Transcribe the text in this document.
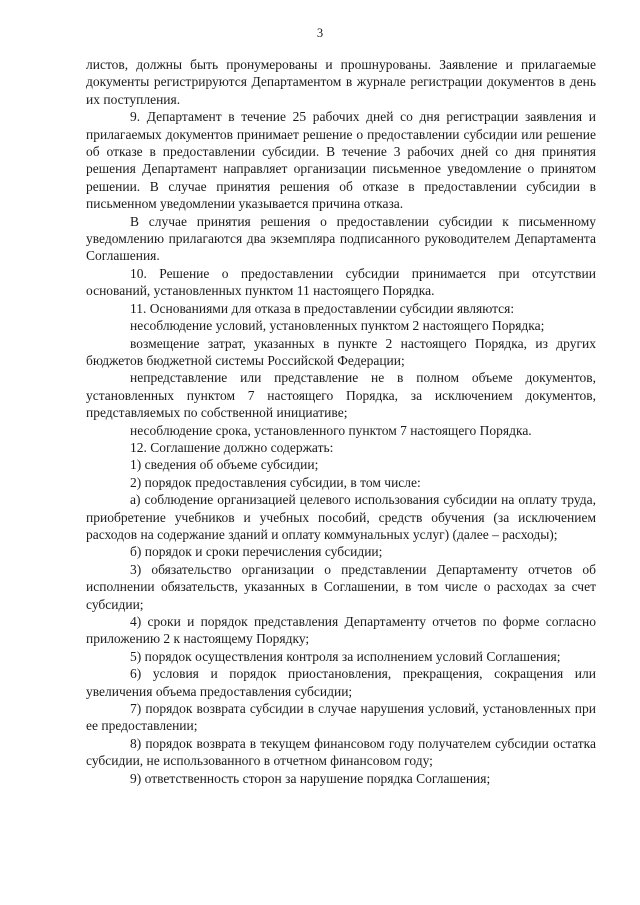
3

листов, должны быть пронумерованы и прошнурованы. Заявление и прилагаемые документы регистрируются Департаментом в журнале регистрации документов в день их поступления.

9. Департамент в течение 25 рабочих дней со дня регистрации заявления и прилагаемых документов принимает решение о предоставлении субсидии или решение об отказе в предоставлении субсидии. В течение 3 рабочих дней со дня принятия решения Департамент направляет организации письменное уведомление о принятом решении. В случае принятия решения об отказе в предоставлении субсидии в письменном уведомлении указывается причина отказа.

В случае принятия решения о предоставлении субсидии к письменному уведомлению прилагаются два экземпляра подписанного руководителем Департамента Соглашения.

10. Решение о предоставлении субсидии принимается при отсутствии оснований, установленных пунктом 11 настоящего Порядка.

11. Основаниями для отказа в предоставлении субсидии являются:

несоблюдение условий, установленных пунктом 2 настоящего Порядка;

возмещение затрат, указанных в пункте 2 настоящего Порядка, из других бюджетов бюджетной системы Российской Федерации;

непредставление или представление не в полном объеме документов, установленных пунктом 7 настоящего Порядка, за исключением документов, представляемых по собственной инициативе;

несоблюдение срока, установленного пунктом 7 настоящего Порядка.

12. Соглашение должно содержать:

1) сведения об объеме субсидии;

2) порядок предоставления субсидии, в том числе:

а) соблюдение организацией целевого использования субсидии на оплату труда, приобретение учебников и учебных пособий, средств обучения (за исключением расходов на содержание зданий и оплату коммунальных услуг) (далее – расходы);

б) порядок и сроки перечисления субсидии;

3) обязательство организации о представлении Департаменту отчетов об исполнении обязательств, указанных в Соглашении, в том числе о расходах за счет субсидии;

4) сроки и порядок представления Департаменту отчетов по форме согласно приложению 2 к настоящему Порядку;

5) порядок осуществления контроля за исполнением условий Соглашения;

6) условия и порядок приостановления, прекращения, сокращения или увеличения объема предоставления субсидии;

7) порядок возврата субсидии в случае нарушения условий, установленных при ее предоставлении;

8) порядок возврата в текущем финансовом году получателем субсидии остатка субсидии, не использованного в отчетном финансовом году;

9) ответственность сторон за нарушение порядка Соглашения;
